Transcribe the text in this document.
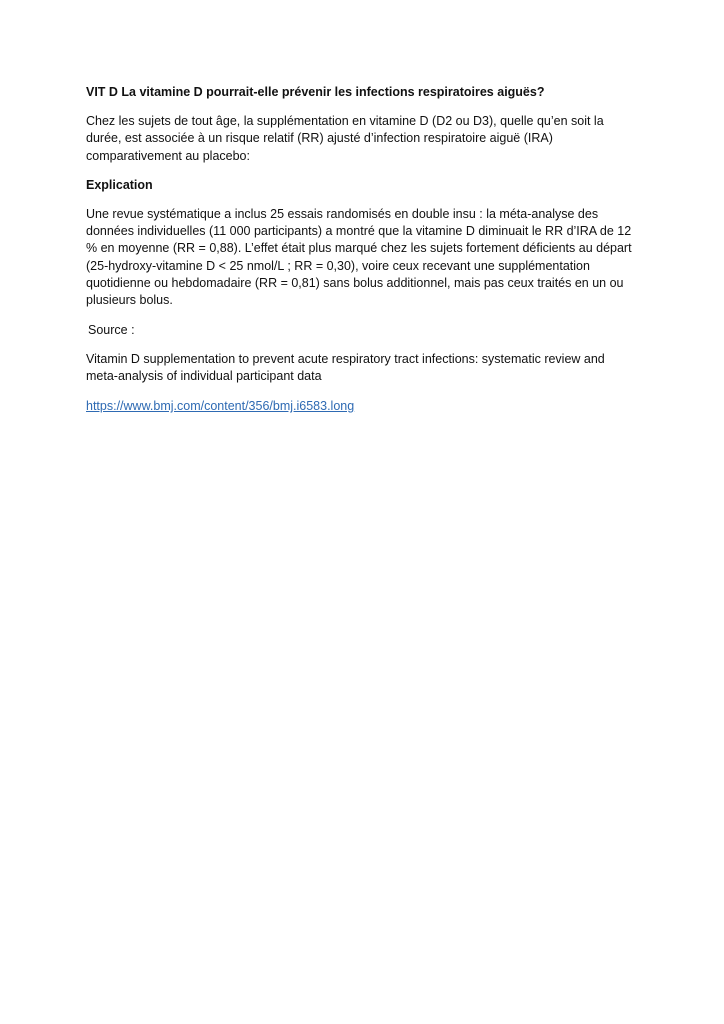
VIT D La vitamine D pourrait-elle prévenir les infections respiratoires aiguës?

Chez les sujets de tout âge, la supplémentation en vitamine D (D2 ou D3), quelle qu’en soit la durée, est associée à un risque relatif (RR) ajusté d’infection respiratoire aiguë (IRA) comparativement au placebo:

Explication

Une revue systématique a inclus 25 essais randomisés en double insu : la méta-analyse des données individuelles (11 000 participants) a montré que la vitamine D diminuait le RR d’IRA de 12 % en moyenne (RR = 0,88). L’effet était plus marqué chez les sujets fortement déficients au départ (25-hydroxy-vitamine D < 25 nmol/L ; RR = 0,30), voire ceux recevant une supplémentation quotidienne ou hebdomadaire (RR = 0,81) sans bolus additionnel, mais pas ceux traités en un ou plusieurs bolus.

Source :

Vitamin D supplementation to prevent acute respiratory tract infections: systematic review and meta-analysis of individual participant data

https://www.bmj.com/content/356/bmj.i6583.long
